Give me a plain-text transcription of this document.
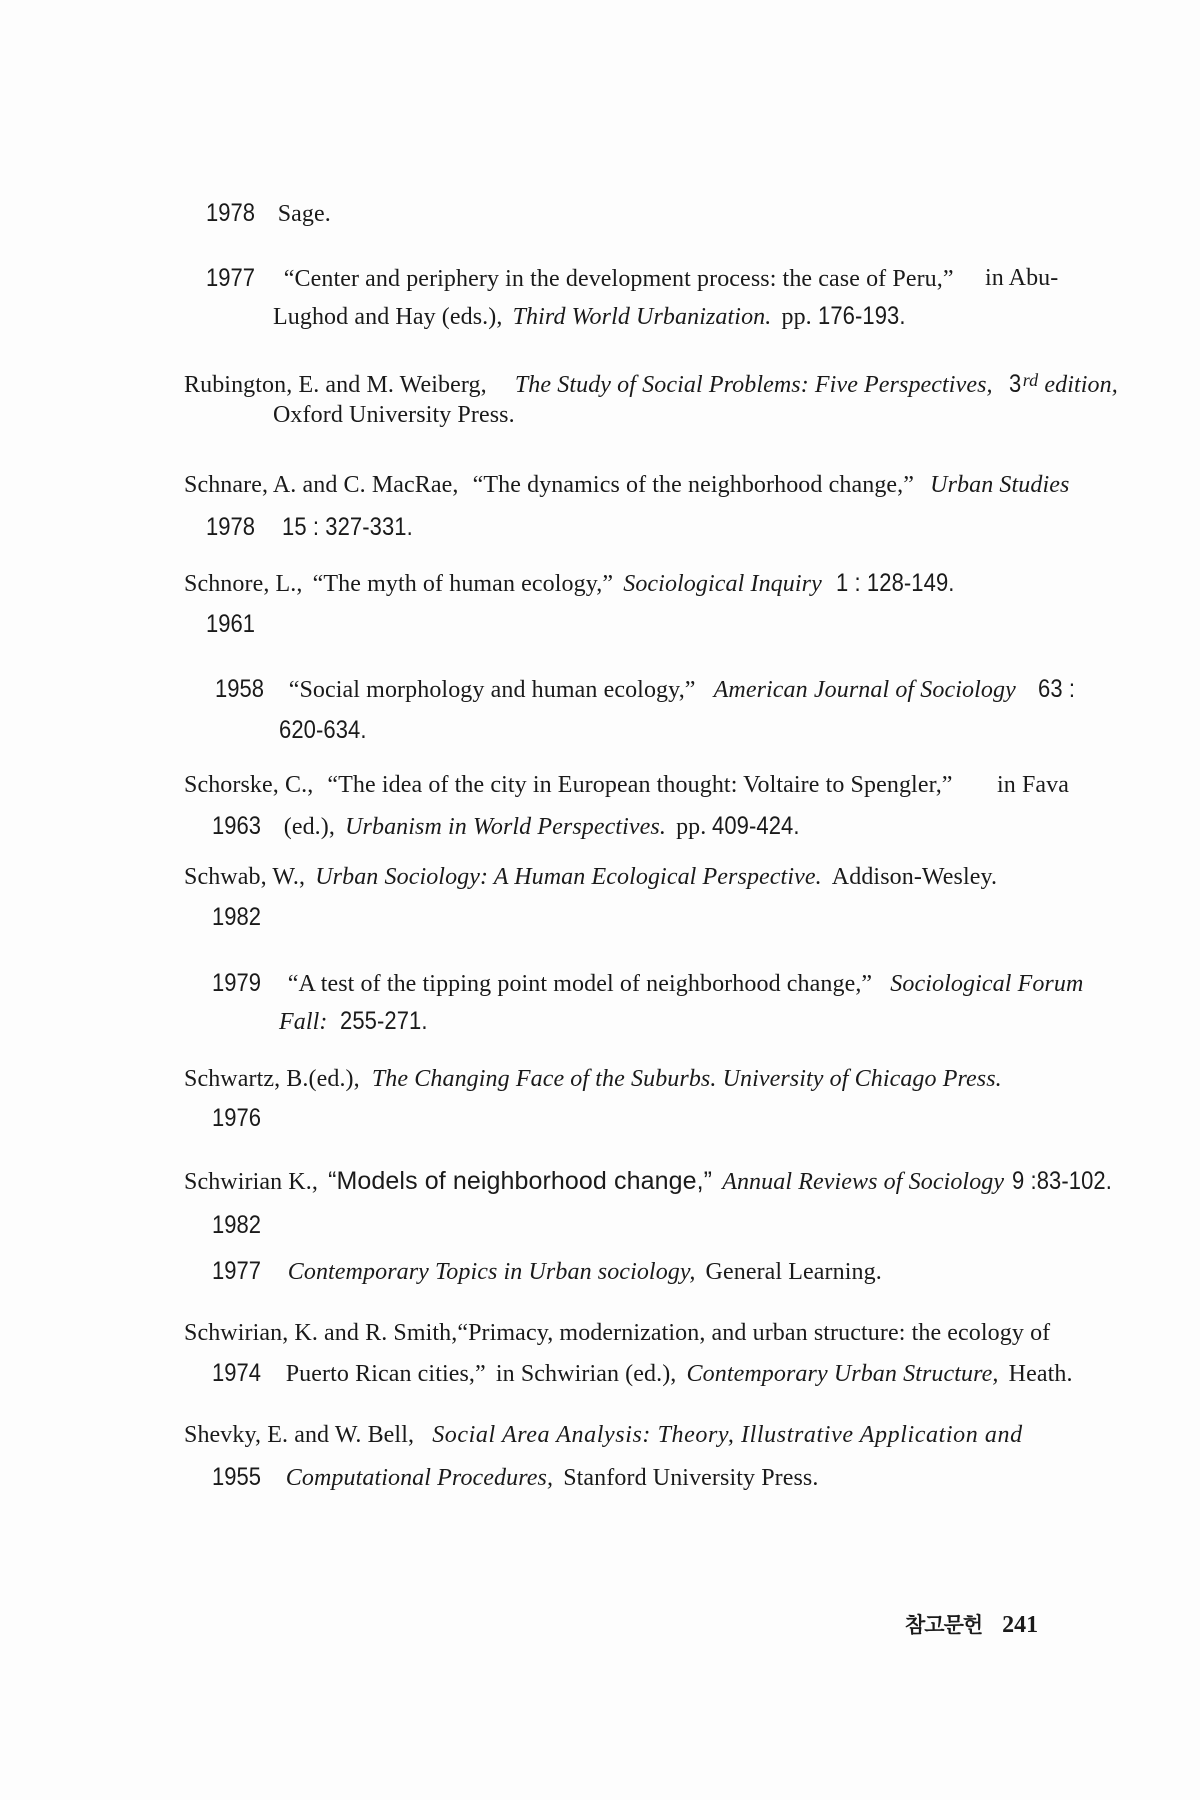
1978 Sage.
1977 “Center and periphery in the development process: the case of Peru,” in Abu-
Lughod and Hay (eds.), Third World Urbanization. pp. 176-193.
Rubington, E. and M. Weiberg, The Study of Social Problems: Five Perspectives, 3rd edition,
Oxford University Press.
Schnare, A. and C. MacRae, “The dynamics of the neighborhood change,” Urban Studies
1978 15 : 327-331.
Schnore, L., “The myth of human ecology,” Sociological Inquiry 1 : 128-149.
1961
1958 “Social morphology and human ecology,” American Journal of Sociology 63 :
620-634.
Schorske, C., “The idea of the city in European thought: Voltaire to Spengler,” in Fava
1963 (ed.), Urbanism in World Perspectives. pp. 409-424.
Schwab, W., Urban Sociology: A Human Ecological Perspective. Addison-Wesley.
1982
1979 “A test of the tipping point model of neighborhood change,” Sociological Forum
Fall: 255-271.
Schwartz, B.(ed.), The Changing Face of the Suburbs. University of Chicago Press.
1976
Schwirian K., “Models of neighborhood change,” Annual Reviews of Sociology 9 :83-102.
1982
1977 Contemporary Topics in Urban sociology, General Learning.
Schwirian, K. and R. Smith,“Primacy, modernization, and urban structure: the ecology of
1974 Puerto Rican cities,” in Schwirian (ed.), Contemporary Urban Structure, Heath.
Shevky, E. and W. Bell, Social Area Analysis: Theory, Illustrative Application and
1955 Computational Procedures, Stanford University Press.
참고문헌 241
